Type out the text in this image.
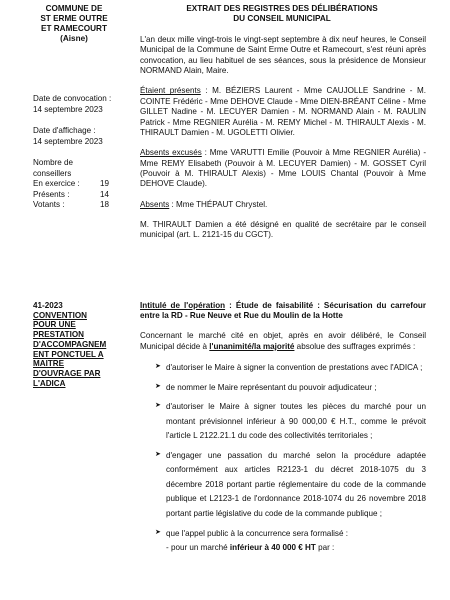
COMMUNE DE
ST ERME OUTRE
ET RAMECOURT
(Aisne)
EXTRAIT DES REGISTRES DES DÉLIBÉRATIONS
DU CONSEIL MUNICIPAL
Date de convocation :
14 septembre 2023
Date d'affichage :
14 septembre 2023
Nombre de
conseillers
En exercice :	19
Présents :	14
Votants :	18

L'an deux mille vingt-trois le vingt-sept septembre à dix neuf heures, le Conseil Municipal de la Commune de Saint Erme Outre et Ramecourt, s'est réuni après convocation, au lieu habituel de ses séances, sous la présidence de Monsieur NORMAND Alain, Maire.

Étaient présents : M. BÉZIERS Laurent - Mme CAUJOLLE Sandrine - M. COINTE Frédéric - Mme DEHOVE Claude - Mme DIEN-BRÉANT Céline - Mme GILLET Nadine - M. LECUYER Damien - M. NORMAND Alain - M. RAULIN Patrick - Mme REGNIER Aurélia - M. REMY Michel - M. THIRAULT Alexis - M. THIRAULT Damien - M. UGOLETTI Olivier.

Absents excusés : Mme VARUTTI Emilie (Pouvoir à Mme REGNIER Aurélia) - Mme REMY Elisabeth (Pouvoir à M. LECUYER Damien) - M. GOSSET Cyril (Pouvoir à M. THIRAULT Alexis) - Mme LOUIS Chantal (Pouvoir à Mme DEHOVE Claude).

Absents : Mme THÉPAUT Chrystel.

M. THIRAULT Damien a été désigné en qualité de secrétaire par le conseil municipal (art. L. 2121-15 du CGCT).

41-2023
CONVENTION
POUR UNE
PRESTATION
D'ACCOMPAGNEM
ENT PONCTUEL A
MAITRE
D'OUVRAGE PAR
L'ADICA
Intitulé de l'opération : Étude de faisabilité : Sécurisation du carrefour entre la RD - Rue Neuve et Rue du Moulin de la Hotte

Concernant le marché cité en objet, après en avoir délibéré, le Conseil Municipal décide à l'unanimité/la majorité absolue des suffrages exprimés :

➤ d'autoriser le Maire à signer la convention de prestations avec l'ADICA ;
➤ de nommer le Maire représentant du pouvoir adjudicateur ;
➤ d'autoriser le Maire à signer toutes les pièces du marché pour un montant prévisionnel inférieur à 90 000,00 € H.T., comme le prévoit l'article L 2122.21.1 du code des collectivités territoriales ;
➤ d'engager une passation du marché selon la procédure adaptée conformément aux articles R2123-1 du décret 2018-1075 du 3 décembre 2018 portant partie réglementaire du code de la commande publique et L2123-1 de l'ordonnance 2018-1074 du 26 novembre 2018 portant partie législative du code de la commande publique ;
➤ que l'appel public à la concurrence sera formalisé :
- pour un marché inférieur à 40 000 € HT par :
